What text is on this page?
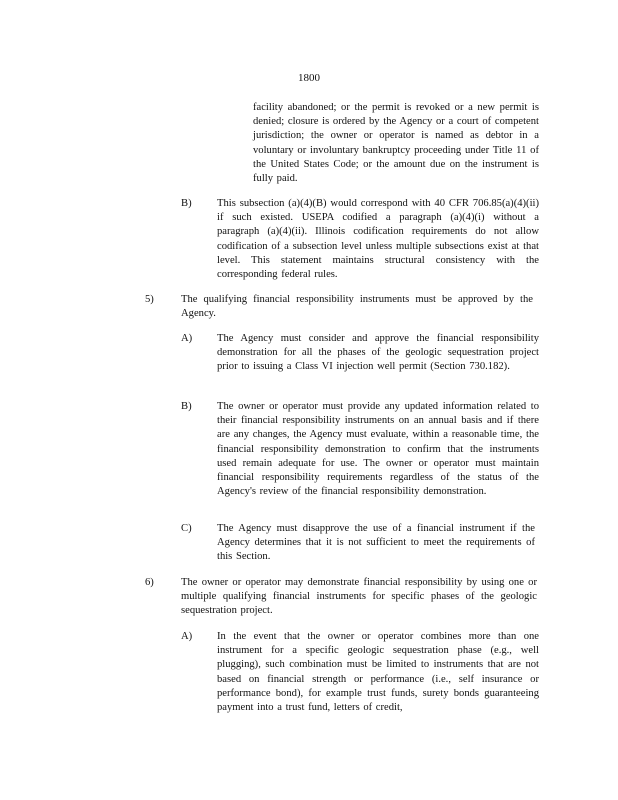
1800
facility abandoned; or the permit is revoked or a new permit is denied; closure is ordered by the Agency or a court of competent jurisdiction; the owner or operator is named as debtor in a voluntary or involuntary bankruptcy proceeding under Title 11 of the United States Code; or the amount due on the instrument is fully paid.
B) This subsection (a)(4)(B) would correspond with 40 CFR 706.85(a)(4)(ii) if such existed. USEPA codified a paragraph (a)(4)(i) without a paragraph (a)(4)(ii). Illinois codification requirements do not allow codification of a subsection level unless multiple subsections exist at that level. This statement maintains structural consistency with the corresponding federal rules.
5)	The qualifying financial responsibility instruments must be approved by the Agency.
A) The Agency must consider and approve the financial responsibility demonstration for all the phases of the geologic sequestration project prior to issuing a Class VI injection well permit (Section 730.182).
B) The owner or operator must provide any updated information related to their financial responsibility instruments on an annual basis and if there are any changes, the Agency must evaluate, within a reasonable time, the financial responsibility demonstration to confirm that the instruments used remain adequate for use. The owner or operator must maintain financial responsibility requirements regardless of the status of the Agency's review of the financial responsibility demonstration.
C) The Agency must disapprove the use of a financial instrument if the Agency determines that it is not sufficient to meet the requirements of this Section.
6)	The owner or operator may demonstrate financial responsibility by using one or multiple qualifying financial instruments for specific phases of the geologic sequestration project.
A) In the event that the owner or operator combines more than one instrument for a specific geologic sequestration phase (e.g., well plugging), such combination must be limited to instruments that are not based on financial strength or performance (i.e., self insurance or performance bond), for example trust funds, surety bonds guaranteeing payment into a trust fund, letters of credit,
